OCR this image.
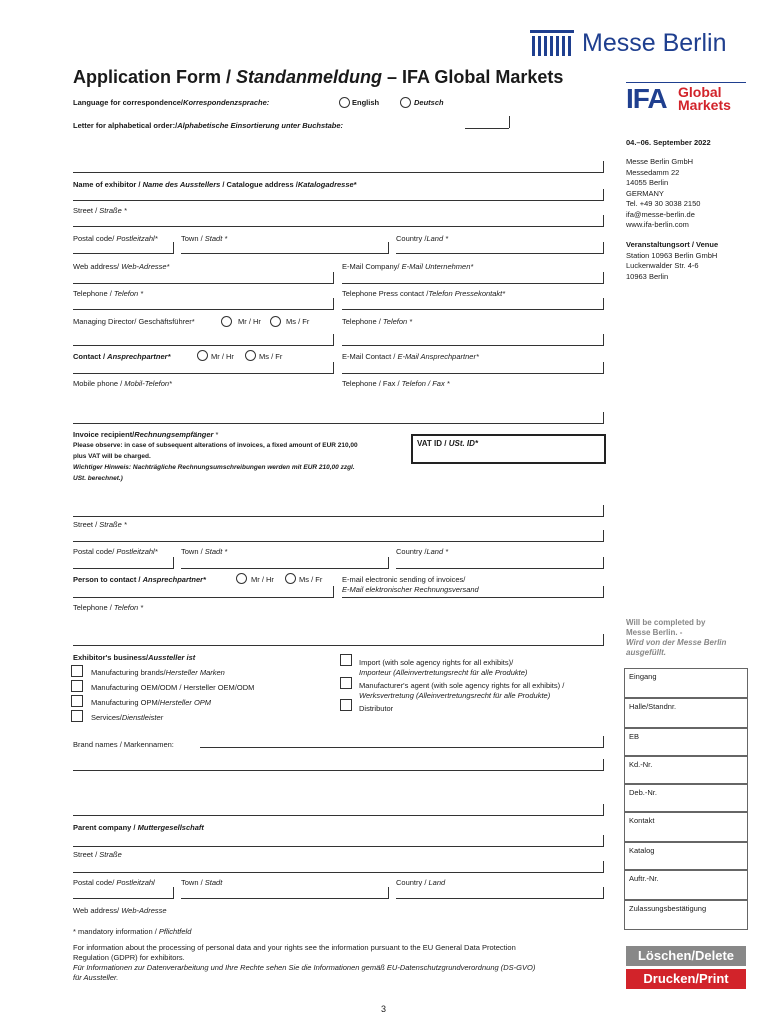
Messe Berlin
Application Form / Standanmeldung – IFA Global Markets
IFA Global
Markets
Language for correspondence/Korrespondenzsprache:	English	Deutsch
Letter for alphabetical order:/Alphabetische Einsortierung unter Buchstabe:
04.–06. September 2022
Messe Berlin GmbH
Messedamm 22
14055 Berlin
GERMANY
Tel. +49 30 3038 2150
ifa@messe-berlin.de
www.ifa-berlin.com
Veranstaltungsort / Venue
Station 10963 Berlin GmbH
Luckenwalder Str. 4-6
10963 Berlin
Will be completed by
Messe Berlin. -
Wird von der Messe Berlin
ausgefüllt.
Eingang
Halle/Standnr.
EB
Kd.-Nr.
Deb.-Nr.
Kontakt
Katalog
Auftr.-Nr.
Zulassungsbestätigung
Löschen/Delete
Drucken/Print
Name of exhibitor / Name des Ausstellers / Catalogue address /Katalogadresse*
Street / Straße *
Postal code/ Postleitzahl*	Town / Stadt *	Country /Land *
Web address/ Web-Adresse*	E-Mail Company/ E-Mail Unternehmen*
Telephone / Telefon *	Telephone Press contact /Telefon Pressekontakt*
Managing Director/ Geschäftsführer*	Mr / Hr	Ms / Fr	Telephone / Telefon *
Contact / Ansprechpartner*	Mr / Hr	Ms / Fr	E-Mail Contact / E-Mail Ansprechpartner*
Mobile phone / Mobil-Telefon*	Telephone / Fax / Telefon / Fax *
Invoice recipient/Rechnungsempfänger *
Please observe: in case of subsequent alterations of invoices, a fixed amount of EUR 210,00
plus VAT will be charged.
Wichtiger Hinweis: Nachträgliche Rechnungsumschreibungen werden mit EUR 210,00 zzgl.
USt. berechnet.)
VAT ID / USt. ID*
Street / Straße *
Postal code/ Postleitzahl*	Town / Stadt *	Country /Land *
Person to contact / Ansprechpartner*	Mr / Hr	Ms / Fr	E-mail electronic sending of invoices/
E-Mail elektronischer Rechnungsversand
Telephone / Telefon *
Exhibitor's business/Aussteller ist
Manufacturing brands/Hersteller Marken
Manufacturing OEM/ODM / Hersteller OEM/ODM
Manufacturing OPM/Hersteller OPM
Services/Dienstleister
Import (with sole agency rights for all exhibits)/
Importeur (Alleinvertretungsrecht für alle Produkte)
Manufacturer's agent (with sole agency rights for all exhibits) /
Werksvertretung (Alleinvertretungsrecht für alle Produkte)
Distributor
Brand names / Markennamen:
Parent company / Muttergesellschaft
Street / Straße
Postal code/ Postleitzahl	Town / Stadt	Country / Land
Web address/ Web-Adresse
* mandatory information / Pflichtfeld
For information about the processing of personal data and your rights see the information pursuant to the EU General Data Protection
Regulation (GDPR) for exhibitors.
Für Informationen zur Datenverarbeitung und Ihre Rechte sehen Sie die Informationen gemäß EU-Datenschutzgrundverordnung (DS-GVO)
für Aussteller.
3
